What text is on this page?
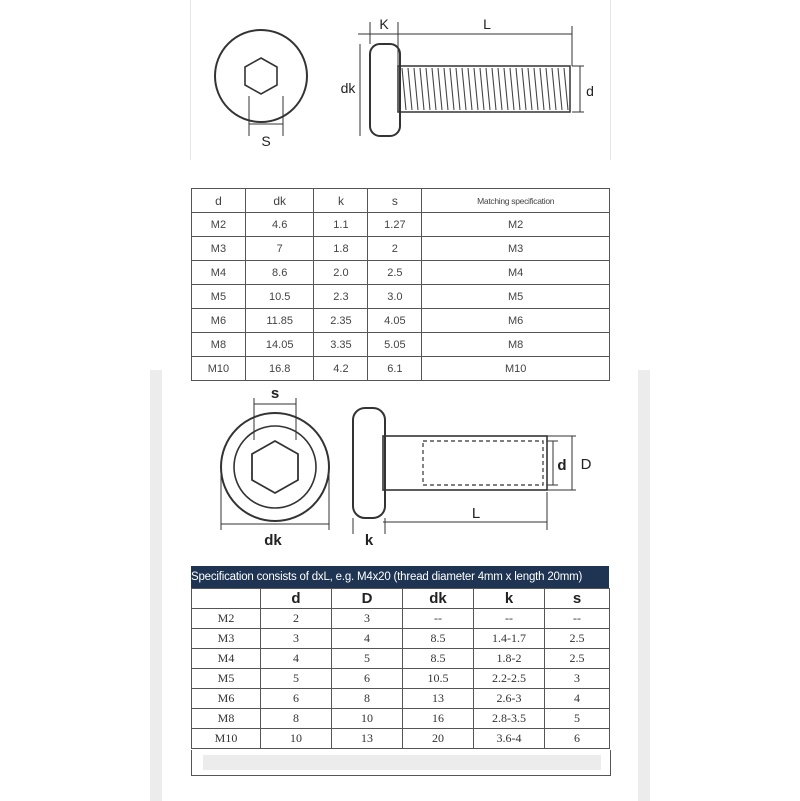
S
K	L
dk	d
d	dk	k	s	Matching specification
M2	4.6	1.1	1.27	M2
M3	7	1.8	2	M3
M4	8.6	2.0	2.5	M4
M5	10.5	2.3	3.0	M5
M6	11.85	2.35	4.05	M6
M8	14.05	3.35	5.05	M8
M10	16.8	4.2	6.1	M10
s
dk
d D
L
k
Specification consists of dxL, e.g. M4x20 (thread diameter 4mm x length 20mm)
	d	D	dk	k	s
M2	2	3	--	--	--
M3	3	4	8.5	1.4-1.7	2.5
M4	4	5	8.5	1.8-2	2.5
M5	5	6	10.5	2.2-2.5	3
M6	6	8	13	2.6-3	4
M8	8	10	16	2.8-3.5	5
M10	10	13	20	3.6-4	6
